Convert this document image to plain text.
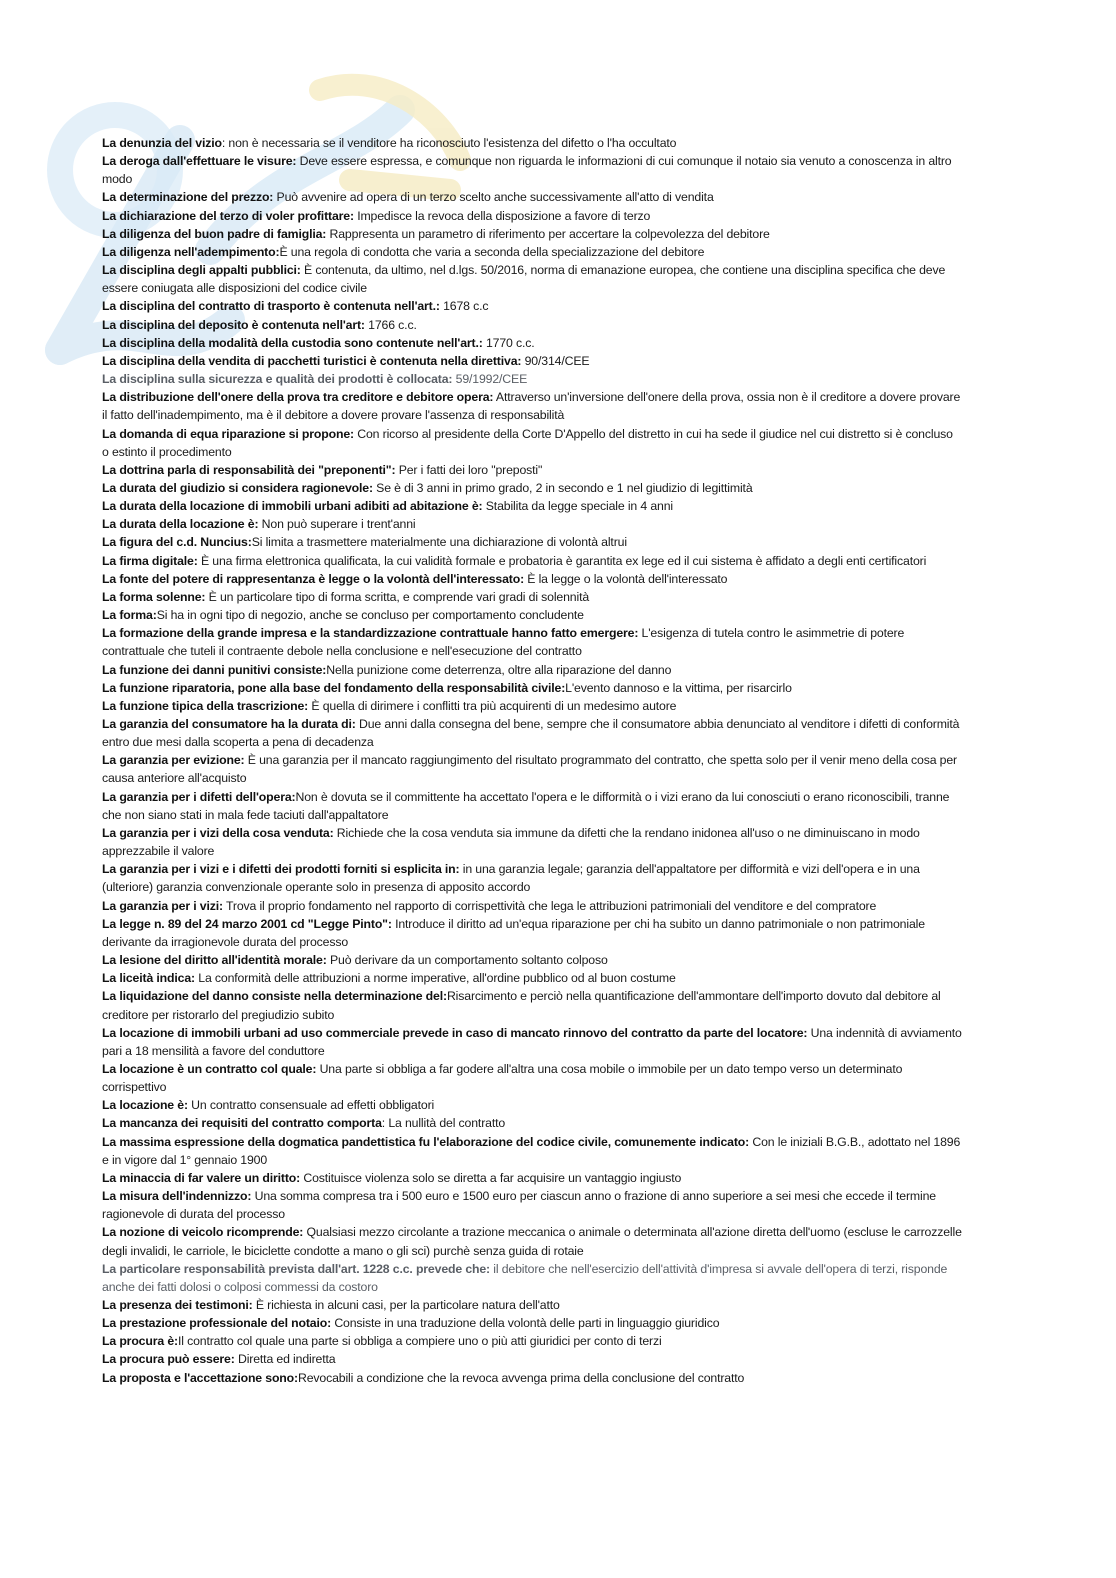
La denunzia del vizio: non è necessaria se il venditore ha riconosciuto l'esistenza del difetto o l'ha occultato

La deroga dall'effettuare le visure: Deve essere espressa, e comunque non riguarda le informazioni di cui comunque il notaio sia venuto a conoscenza in altro modo

La determinazione del prezzo: Può avvenire ad opera di un terzo scelto anche successivamente all'atto di vendita

La dichiarazione del terzo di voler profittare: Impedisce la revoca della disposizione a favore di terzo

La diligenza del buon padre di famiglia: Rappresenta un parametro di riferimento per accertare la colpevolezza del debitore

La diligenza nell'adempimento:È una regola di condotta che varia a seconda della specializzazione del debitore

La disciplina degli appalti pubblici: È contenuta, da ultimo, nel d.lgs. 50/2016, norma di emanazione europea, che contiene una disciplina specifica che deve essere coniugata alle disposizioni del codice civile

La disciplina del contratto di trasporto è contenuta nell'art.: 1678 c.c

La disciplina del deposito è contenuta nell'art: 1766 c.c.

La disciplina della modalità della custodia sono contenute nell'art.: 1770 c.c.

La disciplina della vendita di pacchetti turistici è contenuta nella direttiva: 90/314/CEE

La disciplina sulla sicurezza e qualità dei prodotti è collocata: 59/1992/CEE

La distribuzione dell'onere della prova tra creditore e debitore opera: Attraverso un'inversione dell'onere della prova, ossia non è il creditore a dovere provare il fatto dell'inadempimento, ma è il debitore a dovere provare l'assenza di responsabilità

La domanda di equa riparazione si propone: Con ricorso al presidente della Corte D'Appello del distretto in cui ha sede il giudice nel cui distretto si è concluso o estinto il procedimento

La dottrina parla di responsabilità dei "preponenti": Per i fatti dei loro "preposti"

La durata del giudizio si considera ragionevole: Se è di 3 anni in primo grado, 2 in secondo e 1 nel giudizio di legittimità

La durata della locazione di immobili urbani adibiti ad abitazione è: Stabilita da legge speciale in 4 anni

La durata della locazione è: Non può superare i trent'anni

La figura del c.d. Nuncius:Si limita a trasmettere materialmente una dichiarazione di volontà altrui

La firma digitale: È una firma elettronica qualificata, la cui validità formale e probatoria è garantita ex lege ed il cui sistema è affidato a degli enti certificatori

La fonte del potere di rappresentanza è legge o la volontà dell'interessato: È la legge o la volontà dell'interessato

La forma solenne: È un particolare tipo di forma scritta, e comprende vari gradi di solennità

La forma:Si ha in ogni tipo di negozio, anche se concluso per comportamento concludente

La formazione della grande impresa e la standardizzazione contrattuale hanno fatto emergere: L'esigenza di tutela contro le asimmetrie di potere contrattuale che tuteli il contraente debole nella conclusione e nell'esecuzione del contratto

La funzione dei danni punitivi consiste:Nella punizione come deterrenza, oltre alla riparazione del danno

La funzione riparatoria, pone alla base del fondamento della responsabilità civile:L'evento dannoso e la vittima, per risarcirlo

La funzione tipica della trascrizione: È quella di dirimere i conflitti tra più acquirenti di un medesimo autore

La garanzia del consumatore ha la durata di: Due anni dalla consegna del bene, sempre che il consumatore abbia denunciato al venditore i difetti di conformità entro due mesi dalla scoperta a pena di decadenza

La garanzia per evizione: È una garanzia per il mancato raggiungimento del risultato programmato del contratto, che spetta solo per il venir meno della cosa per causa anteriore all'acquisto

La garanzia per i difetti dell'opera:Non è dovuta se il committente ha accettato l'opera e le difformità o i vizi erano da lui conosciuti o erano riconoscibili, tranne che non siano stati in mala fede taciuti dall'appaltatore

La garanzia per i vizi della cosa venduta: Richiede che la cosa venduta sia immune da difetti che la rendano inidonea all'uso o ne diminuiscano in modo apprezzabile il valore

La garanzia per i vizi e i difetti dei prodotti forniti si esplicita in: in una garanzia legale; garanzia dell'appaltatore per difformità e vizi dell'opera e in una (ulteriore) garanzia convenzionale operante solo in presenza di apposito accordo

La garanzia per i vizi: Trova il proprio fondamento nel rapporto di corrispettività che lega le attribuzioni patrimoniali del venditore e del compratore

La legge n. 89 del 24 marzo 2001 cd "Legge Pinto": Introduce il diritto ad un'equa riparazione per chi ha subito un danno patrimoniale o non patrimoniale derivante da irragionevole durata del processo

La lesione del diritto all'identità morale: Può derivare da un comportamento soltanto colposo

La liceità indica: La conformità delle attribuzioni a norme imperative, all'ordine pubblico od al buon costume

La liquidazione del danno consiste nella determinazione del:Risarcimento e perciò nella quantificazione dell'ammontare dell'importo dovuto dal debitore al creditore per ristorarlo del pregiudizio subito

La locazione di immobili urbani ad uso commerciale prevede in caso di mancato rinnovo del contratto da parte del locatore: Una indennità di avviamento pari a 18 mensilità a favore del conduttore

La locazione è un contratto col quale: Una parte si obbliga a far godere all'altra una cosa mobile o immobile per un dato tempo verso un determinato corrispettivo

La locazione è: Un contratto consensuale ad effetti obbligatori

La mancanza dei requisiti del contratto comporta: La nullità del contratto

La massima espressione della dogmatica pandettistica fu l'elaborazione del codice civile, comunemente indicato: Con le iniziali B.G.B., adottato nel 1896 e in vigore dal 1° gennaio 1900

La minaccia di far valere un diritto: Costituisce violenza solo se diretta a far acquisire un vantaggio ingiusto

La misura dell'indennizzo: Una somma compresa tra i 500 euro e 1500 euro per ciascun anno o frazione di anno superiore a sei mesi che eccede il termine ragionevole di durata del processo

La nozione di veicolo ricomprende: Qualsiasi mezzo circolante a trazione meccanica o animale o determinata all'azione diretta dell'uomo (escluse le carrozzelle degli invalidi, le carriole, le biciclette condotte a mano o gli sci) purchè senza guida di rotaie

La particolare responsabilità prevista dall'art. 1228 c.c. prevede che: il debitore che nell'esercizio dell'attività d'impresa si avvale dell'opera di terzi, risponde anche dei fatti dolosi o colposi commessi da costoro

La presenza dei testimoni: È richiesta in alcuni casi, per la particolare natura dell'atto

La prestazione professionale del notaio: Consiste in una traduzione della volontà delle parti in linguaggio giuridico

La procura è:Il contratto col quale una parte si obbliga a compiere uno o più atti giuridici per conto di terzi

La procura può essere: Diretta ed indiretta

La proposta e l'accettazione sono:Revocabili a condizione che la revoca avvenga prima della conclusione del contratto
